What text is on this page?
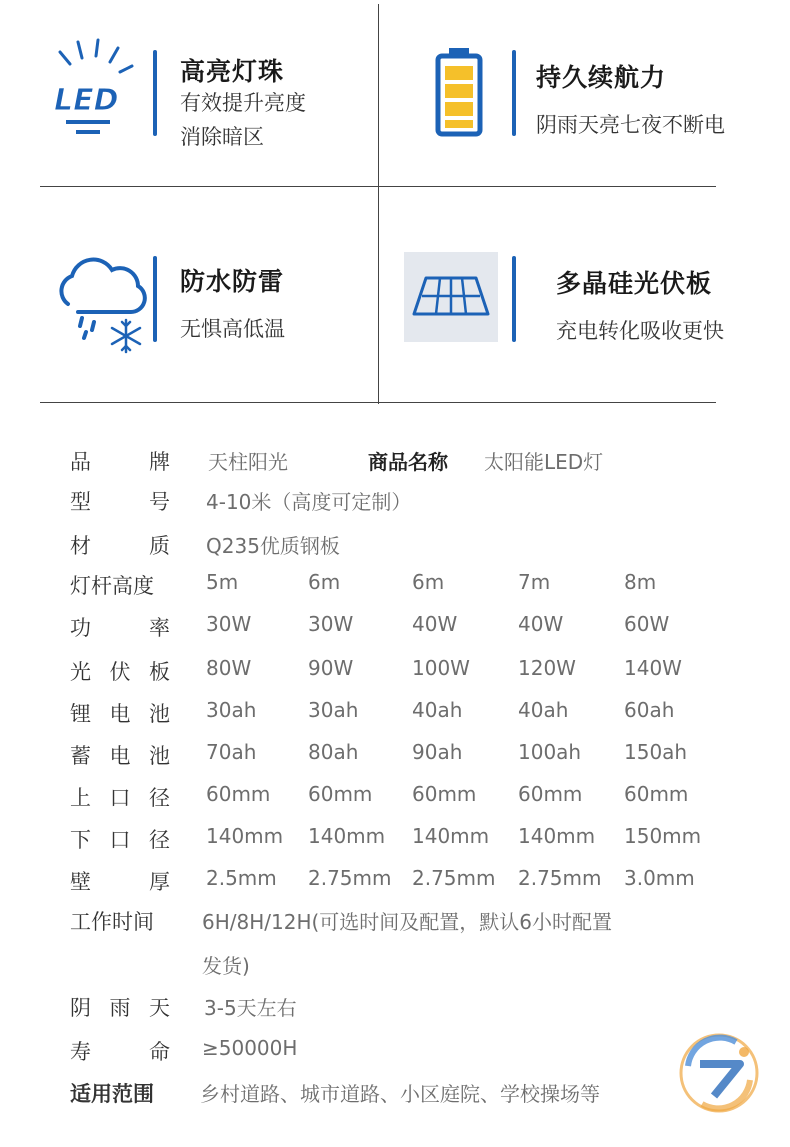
LED
高亮灯珠
有效提升亮度
消除暗区
持久续航力
阴雨天亮七夜不断电
防水防雷
无惧高低温
多晶硅光伏板
充电转化吸收更快
品	牌 天柱阳光	商品名称 太阳能LED灯
型	号 4-10米（高度可定制）
材	质 Q235优质钢板
灯杆高度	5m	6m	6m	7m	8m
功	率 30W	30W	40W	40W	60W
光 伏 板 80W	90W	100W 120W 140W
锂 电 池 30ah	30ah	40ah	40ah	60ah
蓄 电 池 70ah	80ah	90ah	100ah 150ah
上 口 径 60mm 60mm 60mm 60mm 60mm
下 口 径 140mm 140mm 140mm 140mm 150mm
壁	厚 2.5mm 2.75mm 2.75mm 2.75mm 3.0mm
工作时间 6H/8H/12H(可选时间及配置，默认6小时配置
发货)
阴 雨 天 3-5天左右
寿	命 ≥50000H
适用范围 乡村道路、城市道路、小区庭院、学校操场等
